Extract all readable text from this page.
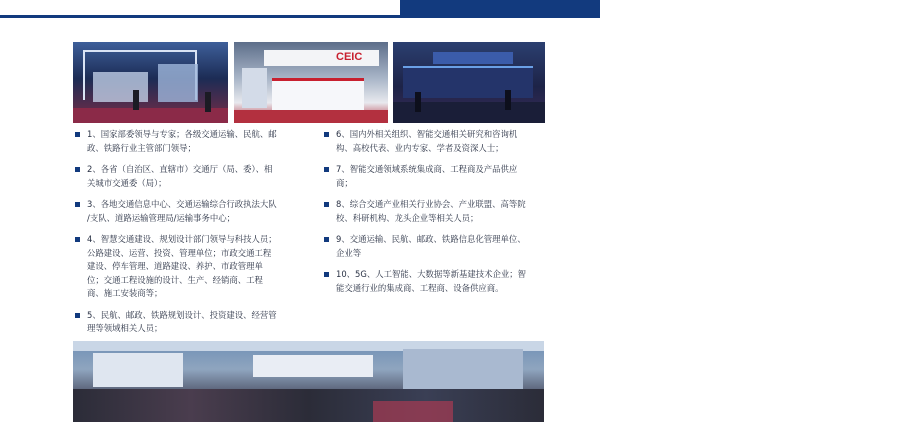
Representatives 参会代表
CEIC
1、国家部委领导与专家；各级交通运输、民航、邮
政、铁路行业主管部门领导；
2、各省（自治区、直辖市）交通厅（局、委）、相
关城市交通委（局）；
3、各地交通信息中心、交通运输综合行政执法大队
/支队、道路运输管理局/运输事务中心；
4、智慧交通建设、规划设计部门领导与科技人员；
公路建设、运营、投资、管理单位；市政交通工程
建设、停车管理、道路建设、养护、市政管理单
位；交通工程设施的设计、生产、经销商、工程
商、施工安装商等；
5、民航、邮政、铁路规划设计、投资建设、经营管
理等领域相关人员；
6、国内外相关组织、智能交通相关研究和咨询机
构、高校代表、业内专家、学者及资深人士；
7、智能交通领域系统集成商、工程商及产品供应
商；
8、综合交通产业相关行业协会、产业联盟、高等院
校、科研机构、龙头企业等相关人员；
9、交通运输、民航、邮政、铁路信息化管理单位、
企业等
10、5G、人工智能、大数据等新基建技术企业；智
能交通行业的集成商、工程商、设备供应商。
